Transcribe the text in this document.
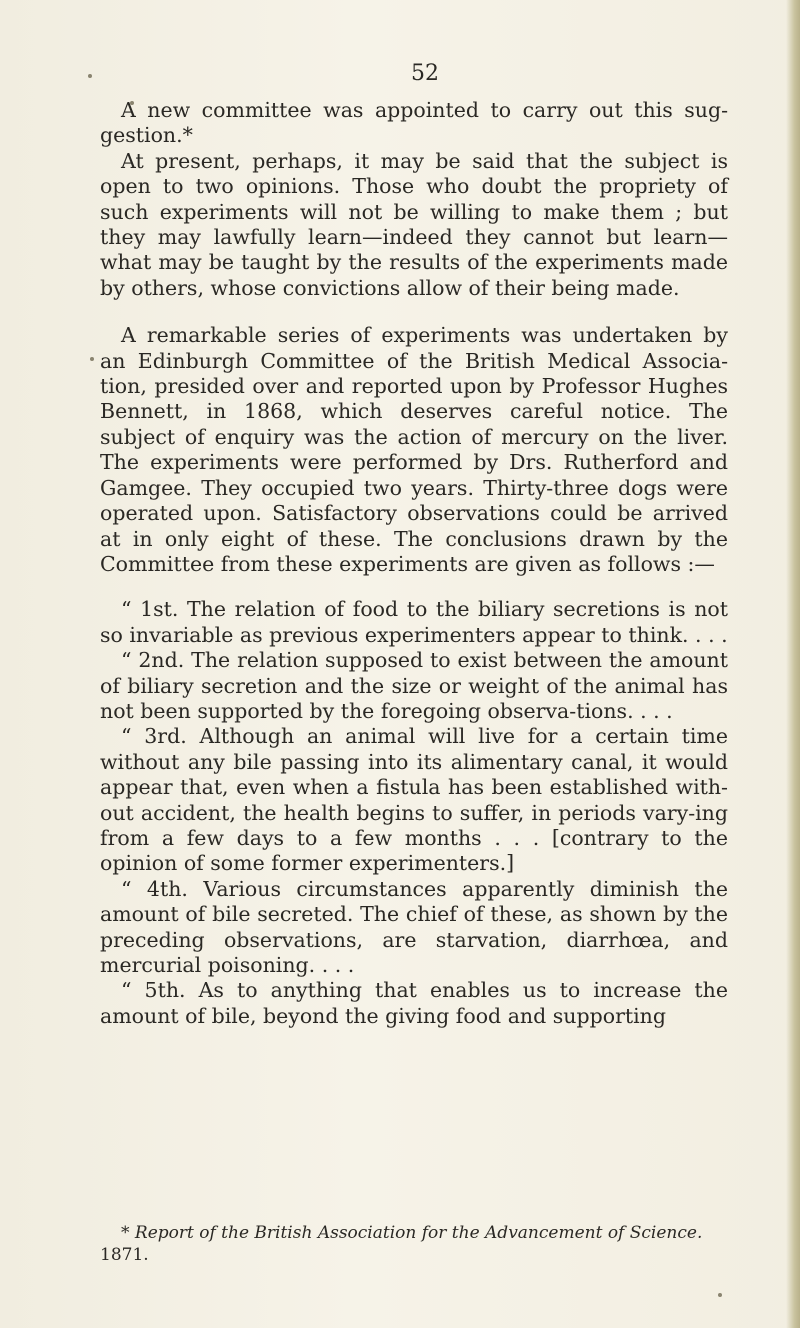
52

A new committee was appointed to carry out this sug-gestion.*

At present, perhaps, it may be said that the subject is open to two opinions. Those who doubt the propriety of such experiments will not be willing to make them ; but they may lawfully learn—indeed they cannot but learn—what may be taught by the results of the experiments made by others, whose convictions allow of their being made.

A remarkable series of experiments was undertaken by an Edinburgh Committee of the British Medical Associa-tion, presided over and reported upon by Professor Hughes Bennett, in 1868, which deserves careful notice. The subject of enquiry was the action of mercury on the liver. The experiments were performed by Drs. Rutherford and Gamgee. They occupied two years. Thirty-three dogs were operated upon. Satisfactory observations could be arrived at in only eight of these. The conclusions drawn by the Committee from these experiments are given as follows :—

“ 1st. The relation of food to the biliary secretions is not so invariable as previous experimenters appear to think. . . .

“ 2nd. The relation supposed to exist between the amount of biliary secretion and the size or weight of the animal has not been supported by the foregoing observa-tions. . . .

“ 3rd. Although an animal will live for a certain time without any bile passing into its alimentary canal, it would appear that, even when a fistula has been established with-out accident, the health begins to suffer, in periods vary-ing from a few days to a few months . . . [contrary to the opinion of some former experimenters.]

“ 4th. Various circumstances apparently diminish the amount of bile secreted. The chief of these, as shown by the preceding observations, are starvation, diarrhœa, and mercurial poisoning. . . .

“ 5th. As to anything that enables us to increase the amount of bile, beyond the giving food and supporting

* Report of the British Association for the Advancement of Science.
1871.
